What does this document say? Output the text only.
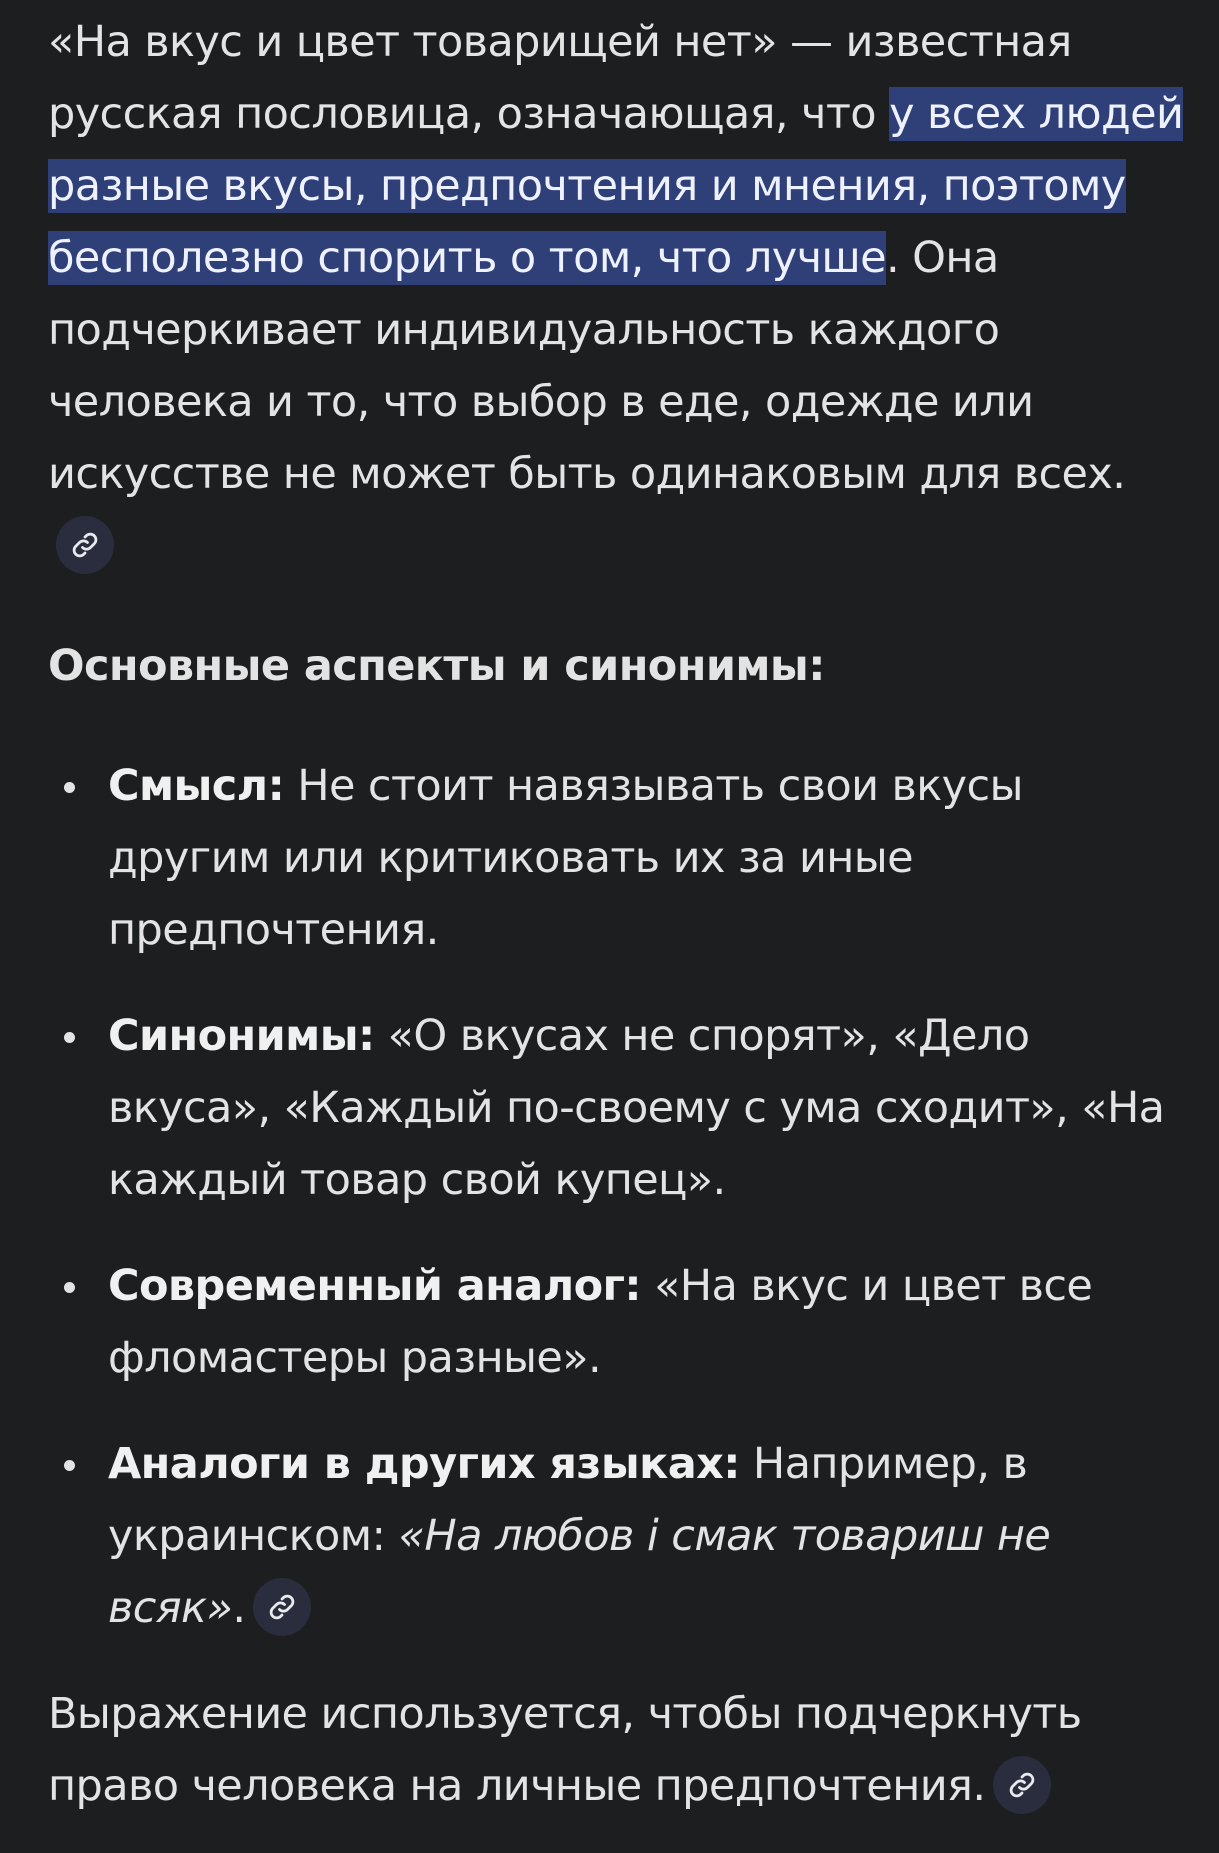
«На вкус и цвет товарищей нет» — известная русская пословица, означающая, что у всех людей разные вкусы, предпочтения и мнения, поэтому бесполезно спорить о том, что лучше. Она подчеркивает индивидуальность каждого человека и то, что выбор в еде, одежде или искусстве не может быть одинаковым для всех.

Основные аспекты и синонимы:

Смысл: Не стоит навязывать свои вкусы другим или критиковать их за иные предпочтения.
Синонимы: «О вкусах не спорят», «Дело вкуса», «Каждый по-своему с ума сходит», «На каждый товар свой купец».
Современный аналог: «На вкус и цвет все фломастеры разные».
Аналоги в других языках: Например, в украинском: «На любов і смак товариш не всяк».

Выражение используется, чтобы подчеркнуть право человека на личные предпочтения.
